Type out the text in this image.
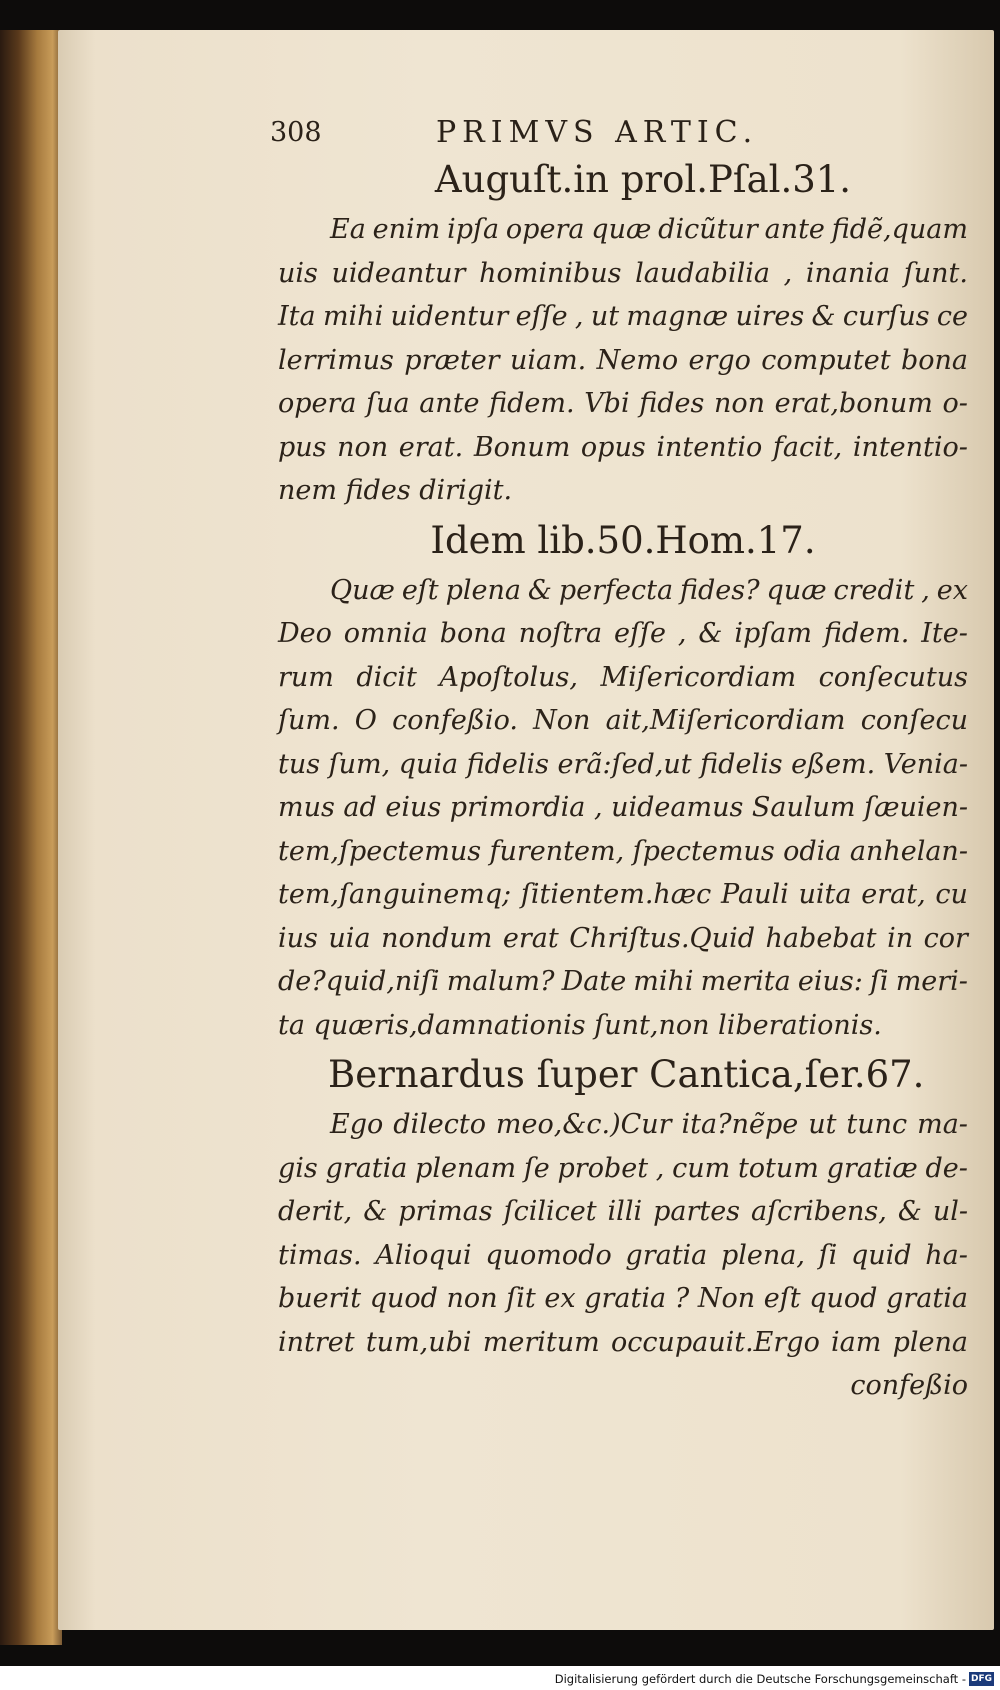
308	PRIMVS ARTIC.
Auguſt.in prol.Pſal.31.
Ea enim ipſa opera quæ dicũtur ante fidẽ,quam
uis uideantur hominibus laudabilia , inania ſunt.
Ita mihi uidentur eſſe , ut magnæ uires & curſus ce
lerrimus præter uiam. Nemo ergo computet bona
opera ſua ante fidem. Vbi fides non erat,bonum o-
pus non erat. Bonum opus intentio facit, intentio-
nem fides dirigit.
Idem lib.50.Hom.17.
Quæ eſt plena & perfecta fides? quæ credit , ex
Deo omnia bona noſtra eſſe , & ipſam fidem. Ite-
rum dicit Apoſtolus, Miſericordiam conſecutus
ſum. O confeßio. Non ait,Miſericordiam conſecu
tus ſum, quia fidelis erã:ſed,ut fidelis eßem. Venia-
mus ad eius primordia , uideamus Saulum ſæuien-
tem,ſpectemus furentem, ſpectemus odia anhelan-
tem,ſanguinemq; ſitientem.hæc Pauli uita erat, cu
ius uia nondum erat Chriſtus.Quid habebat in cor
de?quid,niſi malum? Date mihi merita eius: ſi meri-
ta quæris,damnationis ſunt,non liberationis.
Bernardus ſuper Cantica,ſer.67.
Ego dilecto meo,&c.)Cur ita?nẽpe ut tunc ma-
gis gratia plenam ſe probet , cum totum gratiæ de-
derit, & primas ſcilicet illi partes aſcribens, & ul-
timas. Alioqui quomodo gratia plena, ſi quid ha-
buerit quod non ſit ex gratia ? Non eſt quod gratia
intret tum,ubi meritum occupauit.Ergo iam plena
confeßio
Digitalisierung gefördert durch die Deutsche Forschungsgemeinschaft - DFG
